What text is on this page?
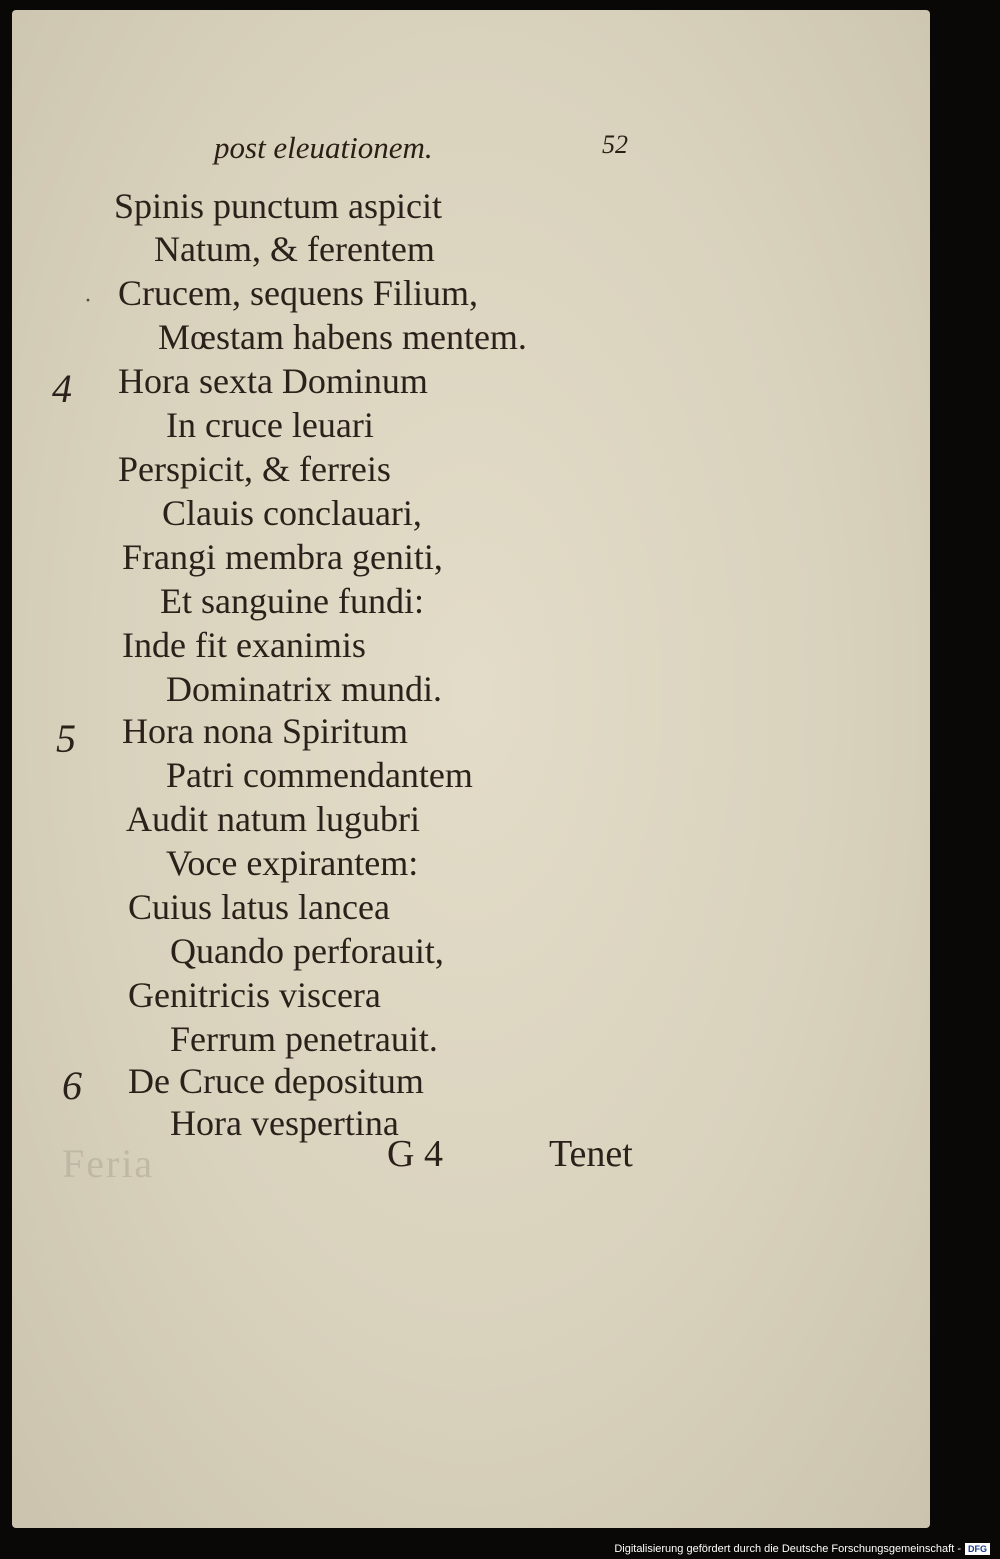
Feria
post eleuationem.	52
·
Spinis punctum aspicit
Natum, & ferentem
Crucem, sequens Filium,
Mœstam habens mentem.
4 Hora sexta Dominum
In cruce leuari
Perspicit, & ferreis
Clauis conclauari,
Frangi membra geniti,
Et sanguine fundi:
Inde fit exanimis
Dominatrix mundi.
5 Hora nona Spiritum
Patri commendantem
Audit natum lugubri
Voce expirantem:
Cuius latus lancea
Quando perforauit,
Genitricis viscera
Ferrum penetrauit.
6 De Cruce depositum
Hora vespertina
G 4	Tenet
Digitalisierung gefördert durch die Deutsche Forschungsgemeinschaft - DFG
